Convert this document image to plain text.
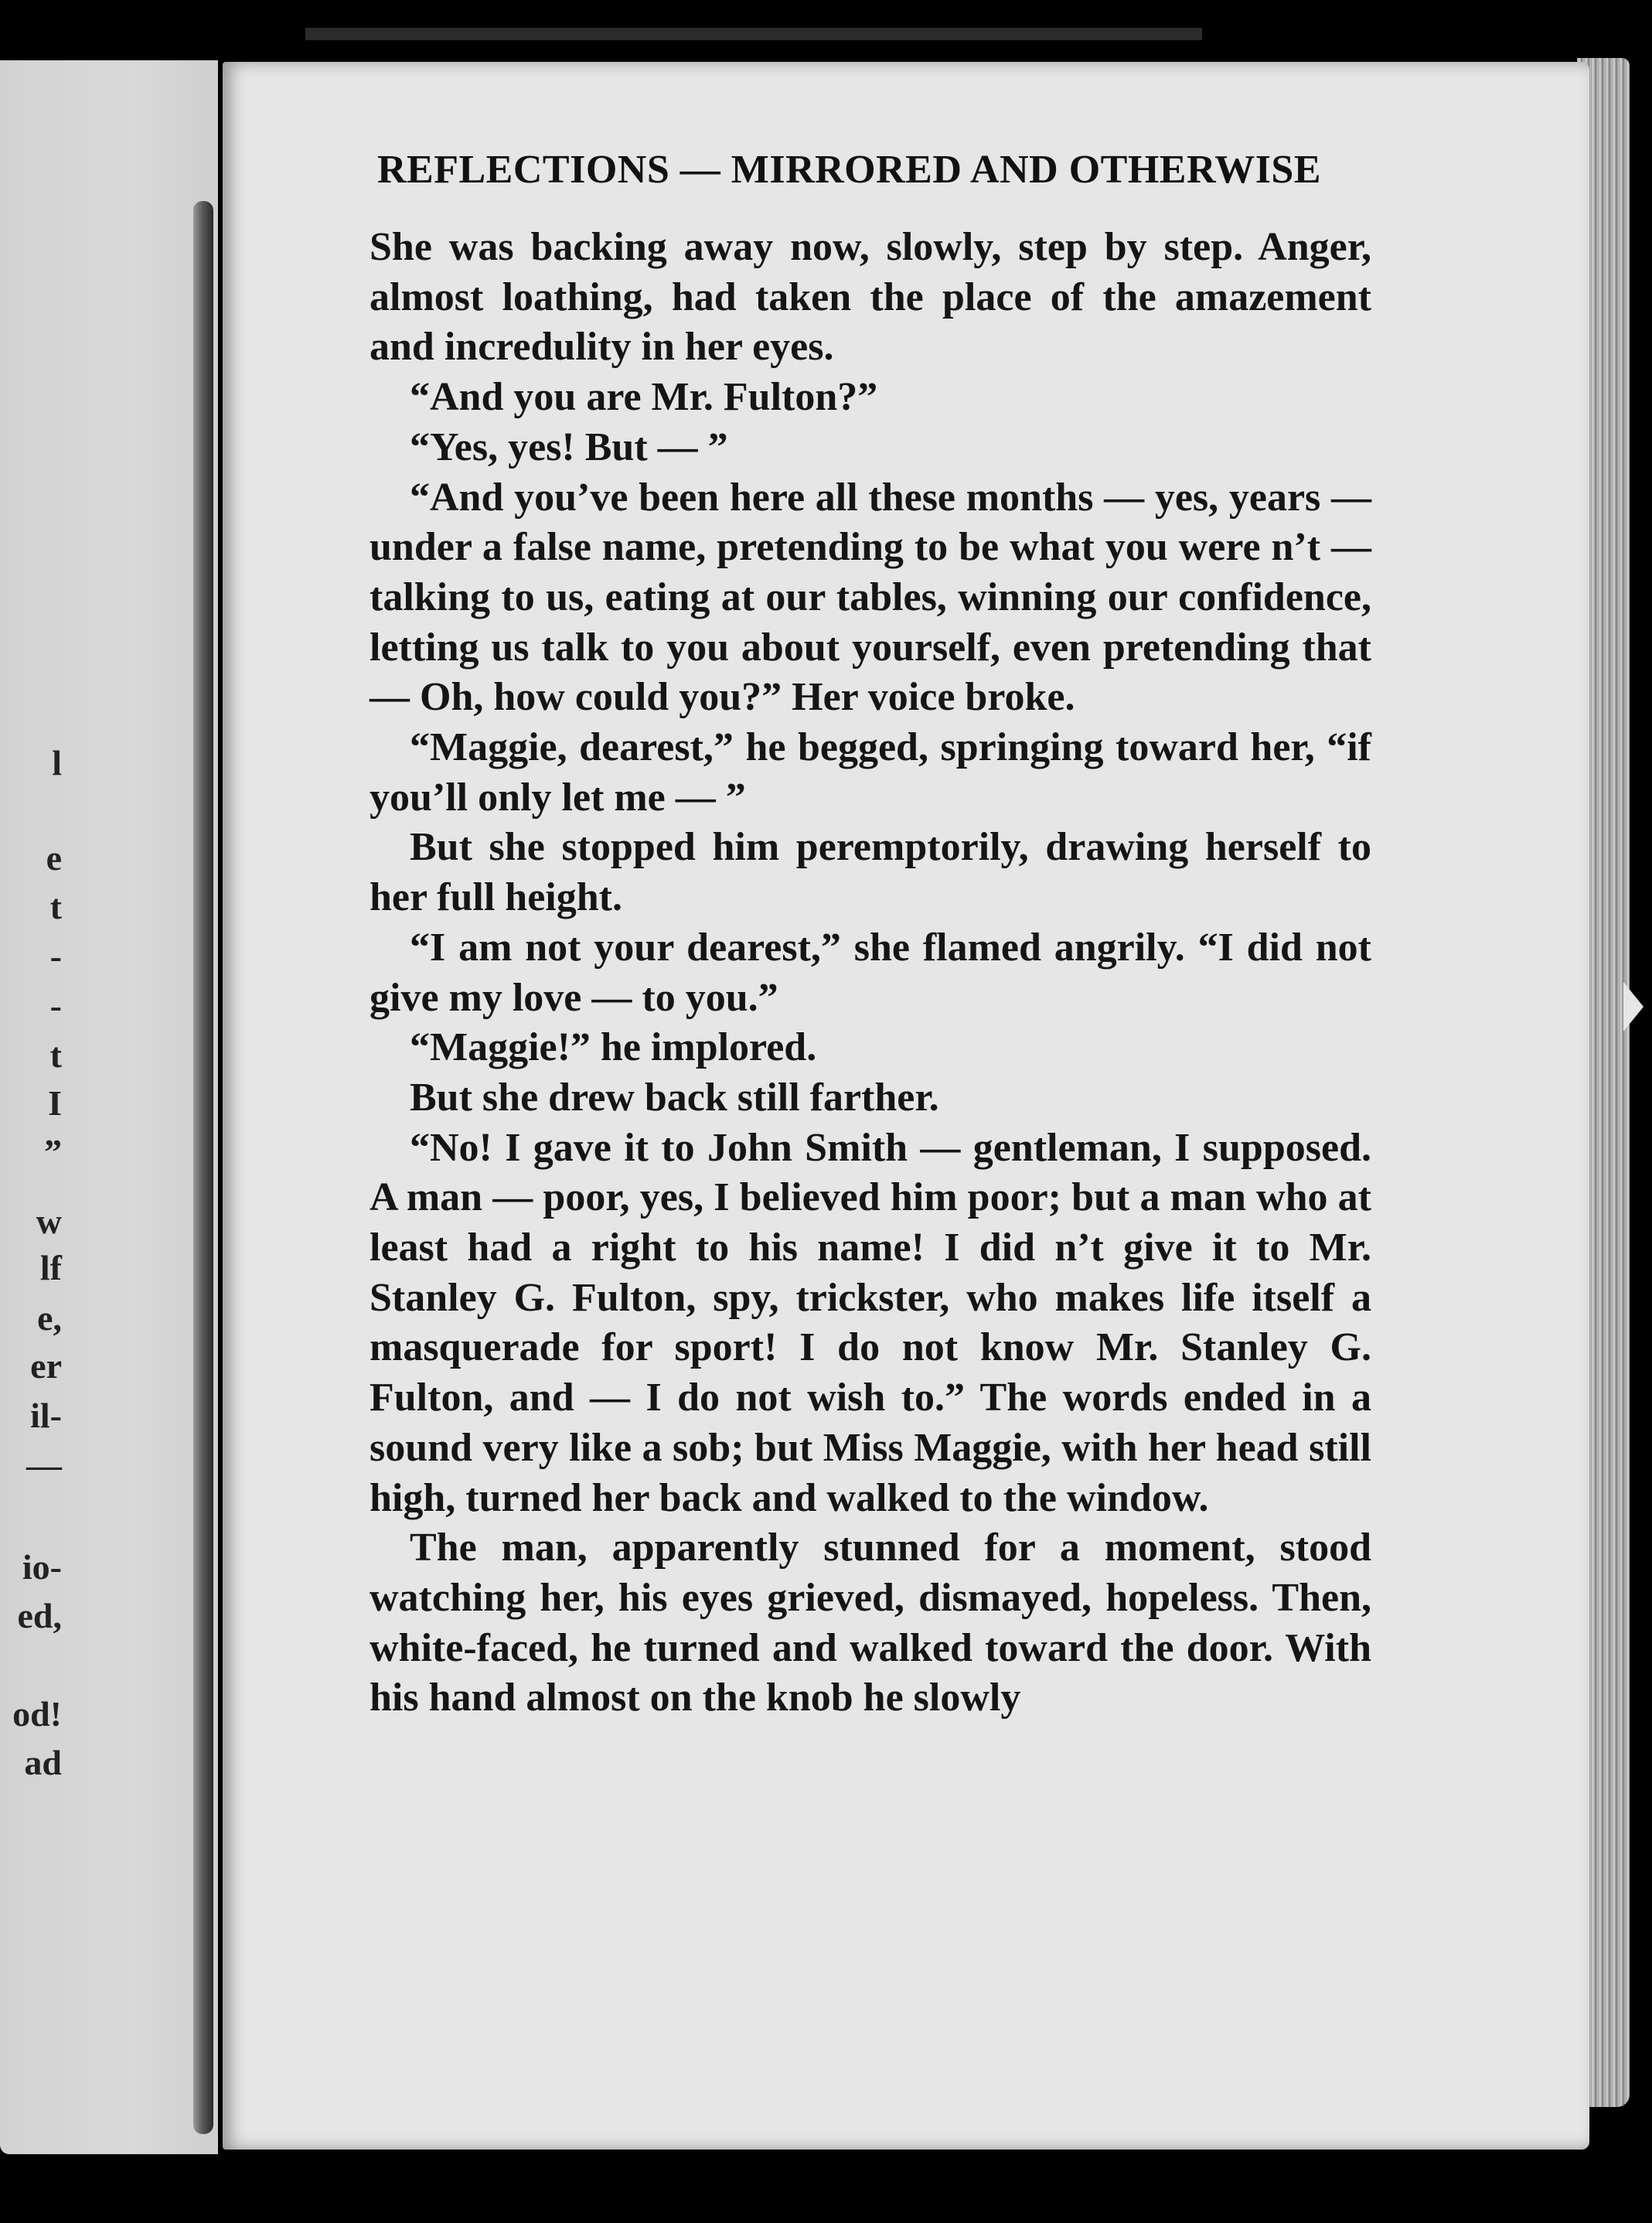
l
e
t
-
-
t
I
”
w
lf
e,
er
il-
—
io-
ed,
od!
ad
REFLECTIONS — MIRRORED AND OTHERWISE

She was backing away now, slowly, step by step. Anger, almost loathing, had taken the place of the amazement and incredulity in her eyes.

“And you are Mr. Fulton?”

“Yes, yes! But — ”

“And you’ve been here all these months — yes, years — under a false name, pretending to be what you were n’t — talking to us, eating at our tables, winning our confidence, letting us talk to you about yourself, even pretending that — Oh, how could you?” Her voice broke.

“Maggie, dearest,” he begged, springing toward her, “if you’ll only let me — ”

But she stopped him peremptorily, drawing herself to her full height.

“I am not your dearest,” she flamed angrily. “I did not give my love — to you.”

“Maggie!” he implored.

But she drew back still farther.

“No! I gave it to John Smith — gentleman, I supposed. A man — poor, yes, I believed him poor; but a man who at least had a right to his name! I did n’t give it to Mr. Stanley G. Fulton, spy, trickster, who makes life itself a masquerade for sport! I do not know Mr. Stanley G. Fulton, and — I do not wish to.” The words ended in a sound very like a sob; but Miss Maggie, with her head still high, turned her back and walked to the window.

The man, apparently stunned for a moment, stood watching her, his eyes grieved, dismayed, hopeless. Then, white-faced, he turned and walked toward the door. With his hand almost on the knob he slowly
